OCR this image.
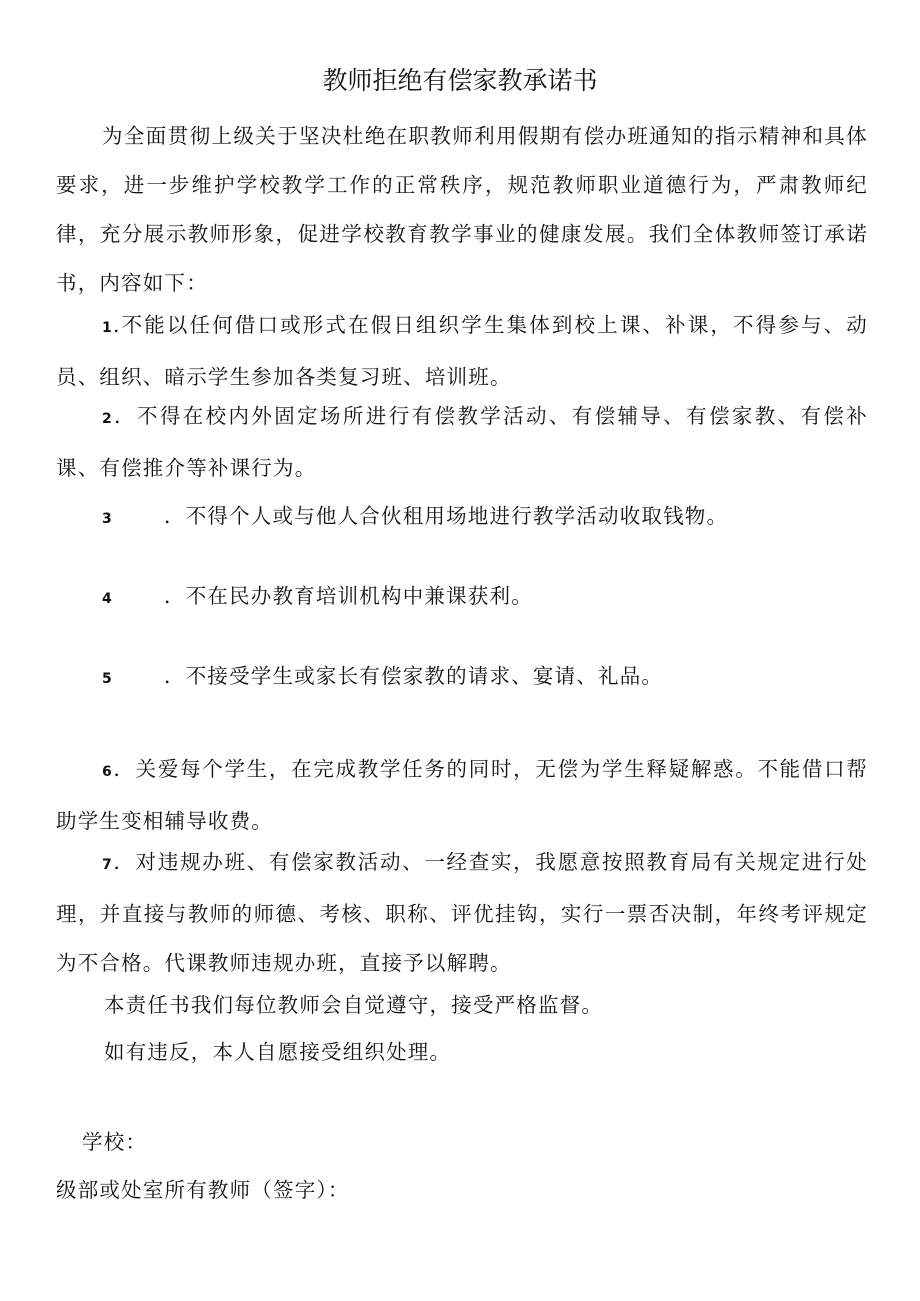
教师拒绝有偿家教承诺书
为全面贯彻上级关于坚决杜绝在职教师利用假期有偿办班通知的指示精神和具体要求，进一步维护学校教学工作的正常秩序，规范教师职业道德行为，严肃教师纪律，充分展示教师形象，促进学校教育教学事业的健康发展。我们全体教师签订承诺书，内容如下：
1.不能以任何借口或形式在假日组织学生集体到校上课、补课，不得参与、动员、组织、暗示学生参加各类复习班、培训班。
2．不得在校内外固定场所进行有偿教学活动、有偿辅导、有偿家教、有偿补课、有偿推介等补课行为。
3 ．不得个人或与他人合伙租用场地进行教学活动收取钱物。
4 ．不在民办教育培训机构中兼课获利。
5 ．不接受学生或家长有偿家教的请求、宴请、礼品。
6．关爱每个学生，在完成教学任务的同时，无偿为学生释疑解惑。不能借口帮助学生变相辅导收费。
7．对违规办班、有偿家教活动、一经查实，我愿意按照教育局有关规定进行处理，并直接与教师的师德、考核、职称、评优挂钩，实行一票否决制，年终考评规定为不合格。代课教师违规办班，直接予以解聘。
本责任书我们每位教师会自觉遵守，接受严格监督。
如有违反，本人自愿接受组织处理。
学校：
级部或处室所有教师（签字）：
